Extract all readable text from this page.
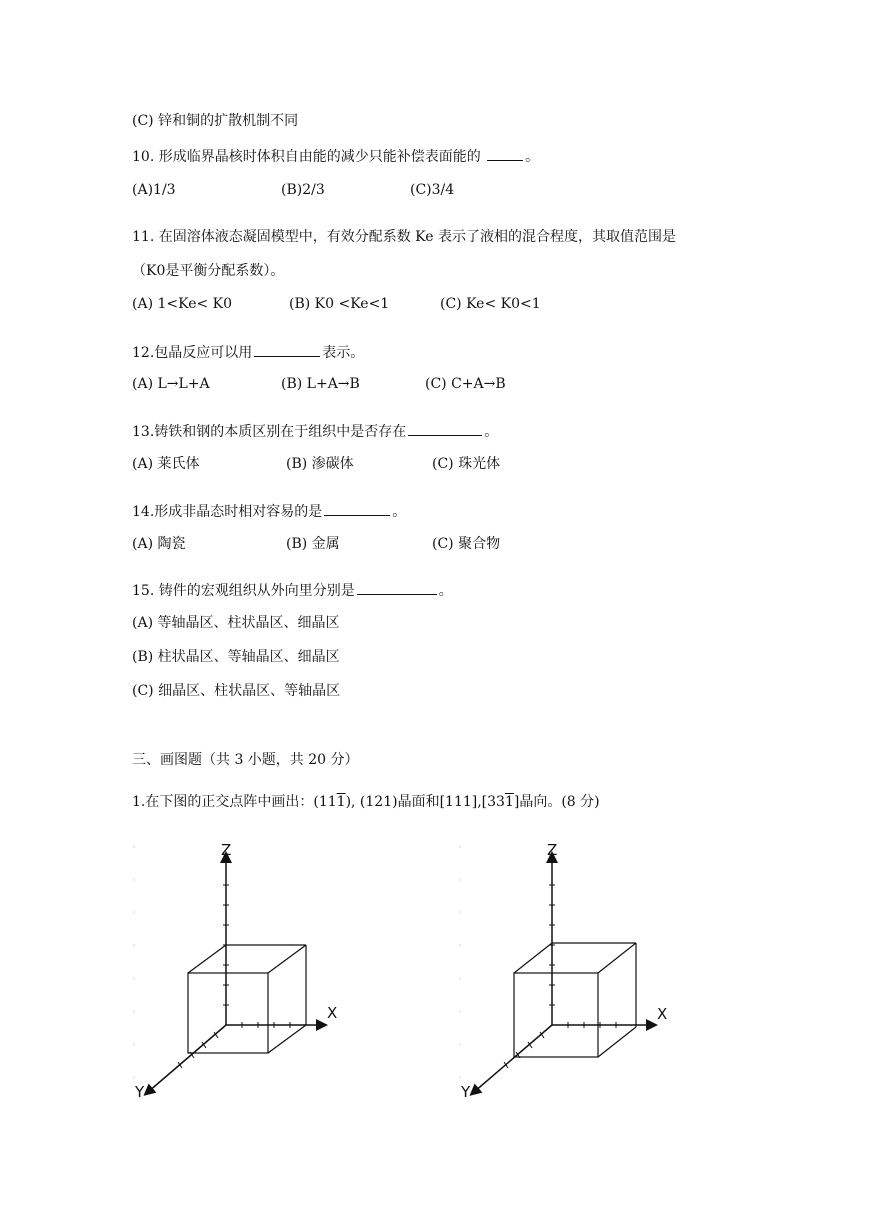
(C) 锌和铜的扩散机制不同
10. 形成临界晶核时体积自由能的减少只能补偿表面能的	。
(A)1/3	(B)2/3	(C)3/4
11. 在固溶体液态凝固模型中，有效分配系数 Ke 表示了液相的混合程度，其取值范围是
（K0是平衡分配系数）。
(A) 1<Ke< K0	(B) K0 <Ke<1	(C) Ke< K0<1
12.包晶反应可以用	表示。
(A) L→L+A	(B) L+A→B	(C) C+A→B
13.铸铁和钢的本质区别在于组织中是否存在	。
(A) 莱氏体	(B) 渗碳体	(C) 珠光体
14.形成非晶态时相对容易的是	。
(A) 陶瓷	(B) 金属	(C) 聚合物
15. 铸件的宏观组织从外向里分别是	。
(A) 等轴晶区、柱状晶区、细晶区
(B) 柱状晶区、等轴晶区、细晶区
(C) 细晶区、柱状晶区、等轴晶区
三、画图题（共 3 小题，共 20 分）
1.在下图的正交点阵中画出：(111), (121)晶面和[111],[331]晶向。(8 分)
Z
X
Y
Z
X
Y
